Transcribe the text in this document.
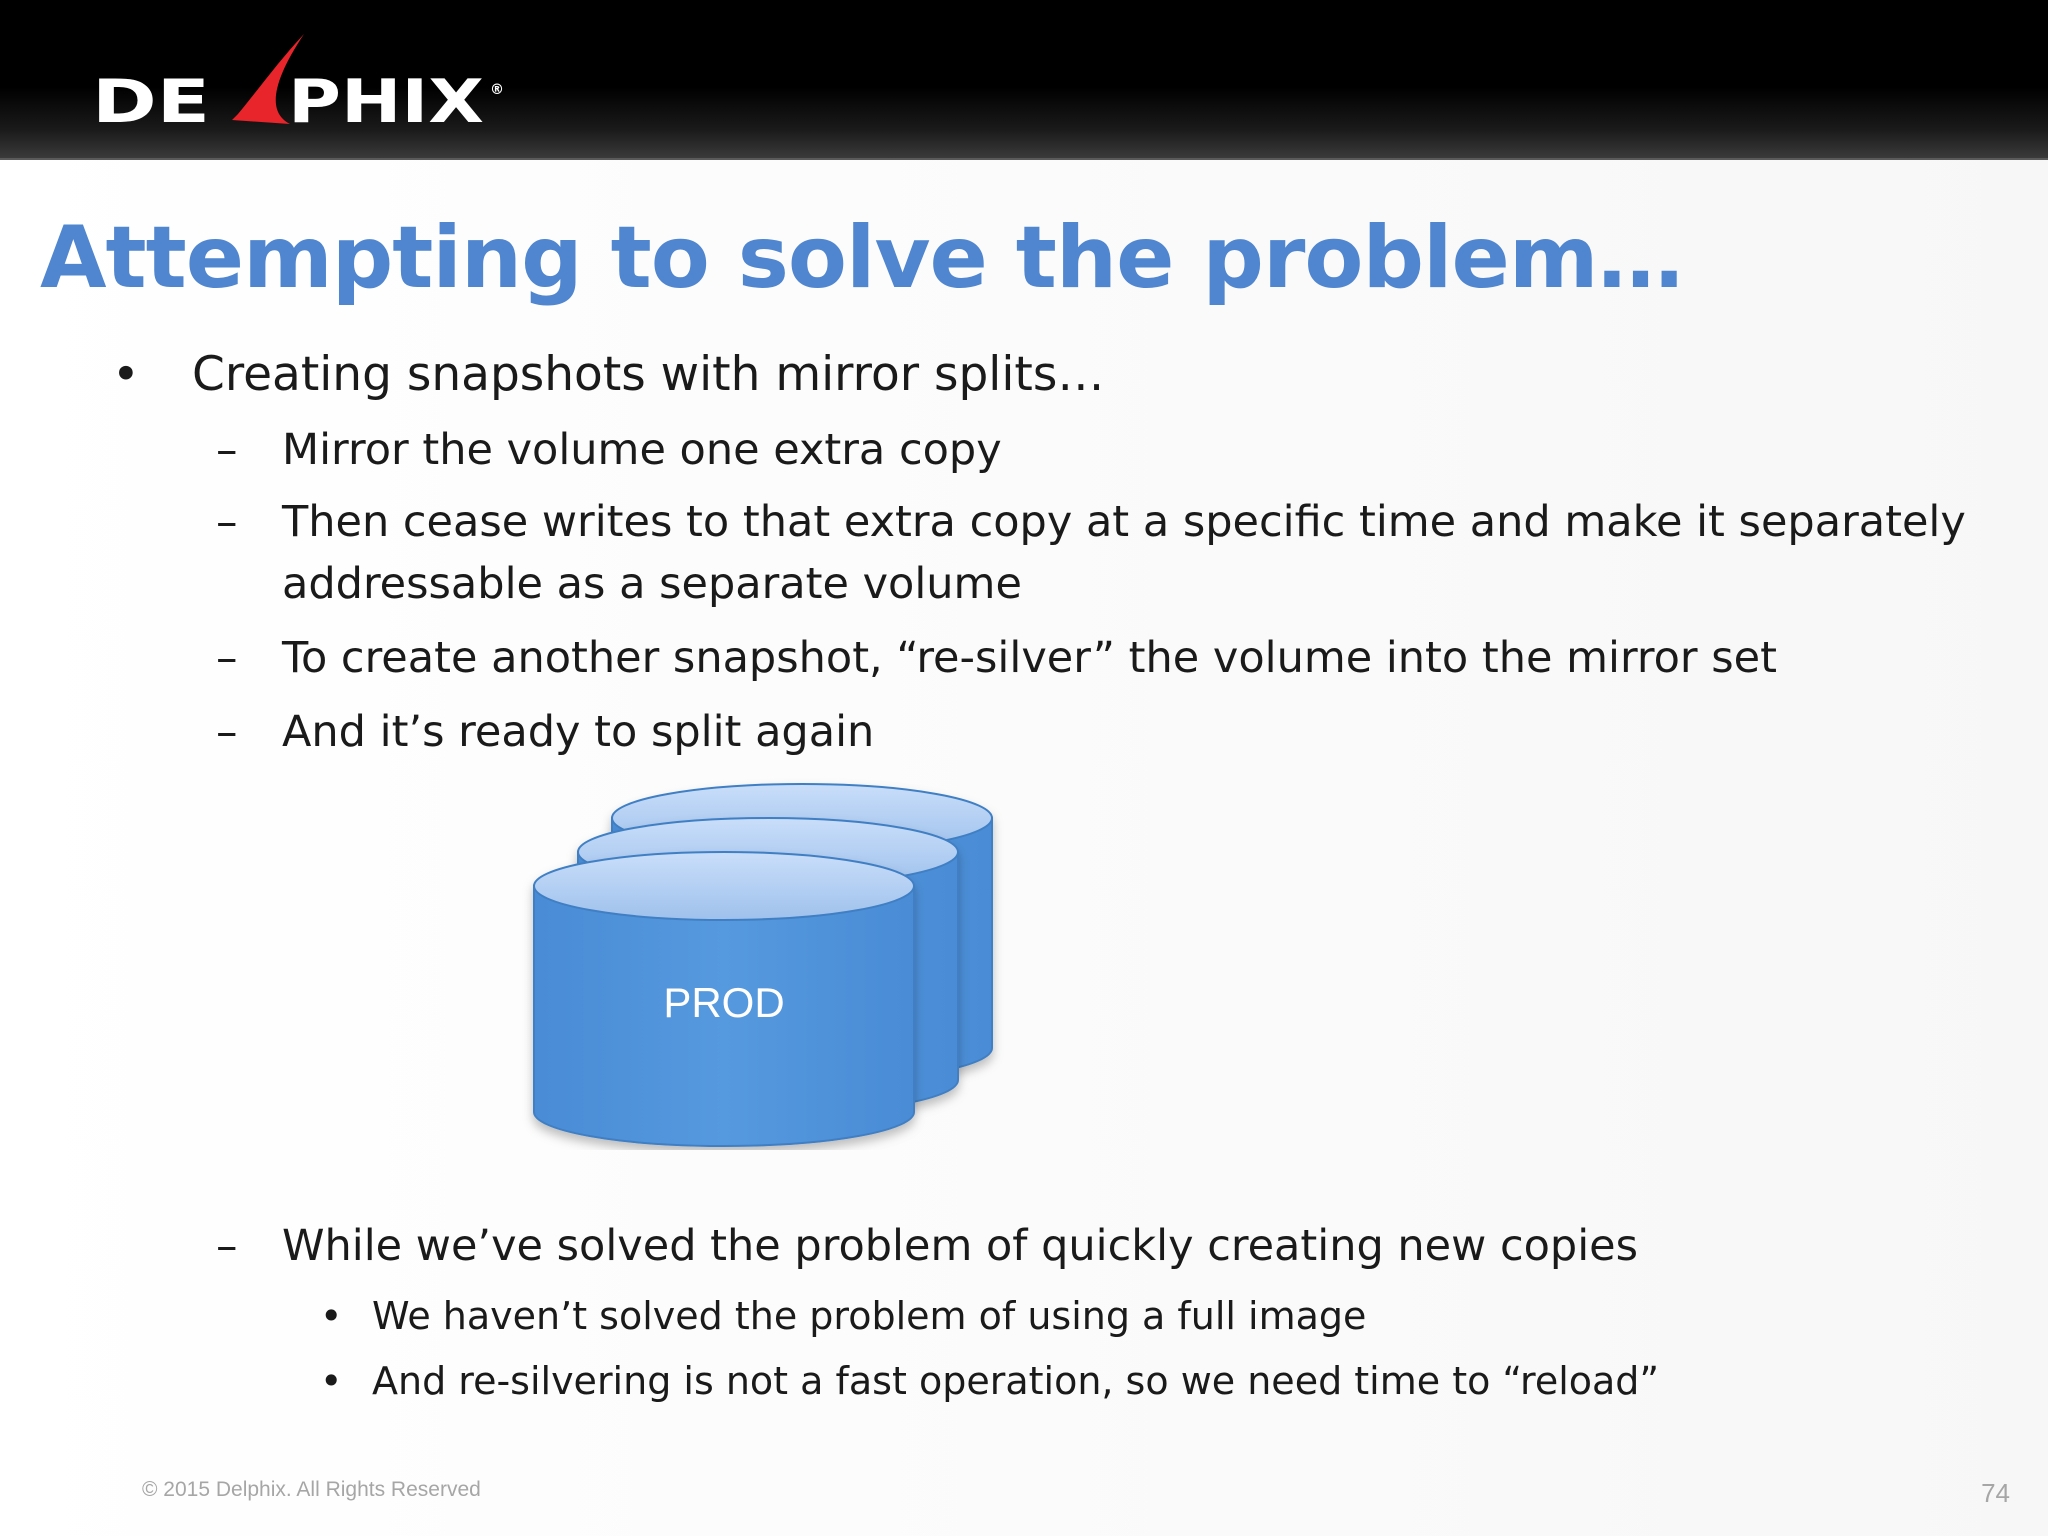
DE PHIX ®
Attempting to solve the problem…
• Creating snapshots with mirror splits…
– Mirror the volume one extra copy
– Then cease writes to that extra copy at a specific time and make it separately
addressable as a separate volume
– To create another snapshot, “re-silver” the volume into the mirror set
– And it’s ready to split again
PROD
– While we’ve solved the problem of quickly creating new copies
• We haven’t solved the problem of using a full image
• And re-silvering is not a fast operation, so we need time to “reload”
© 2015 Delphix. All Rights Reserved	74
